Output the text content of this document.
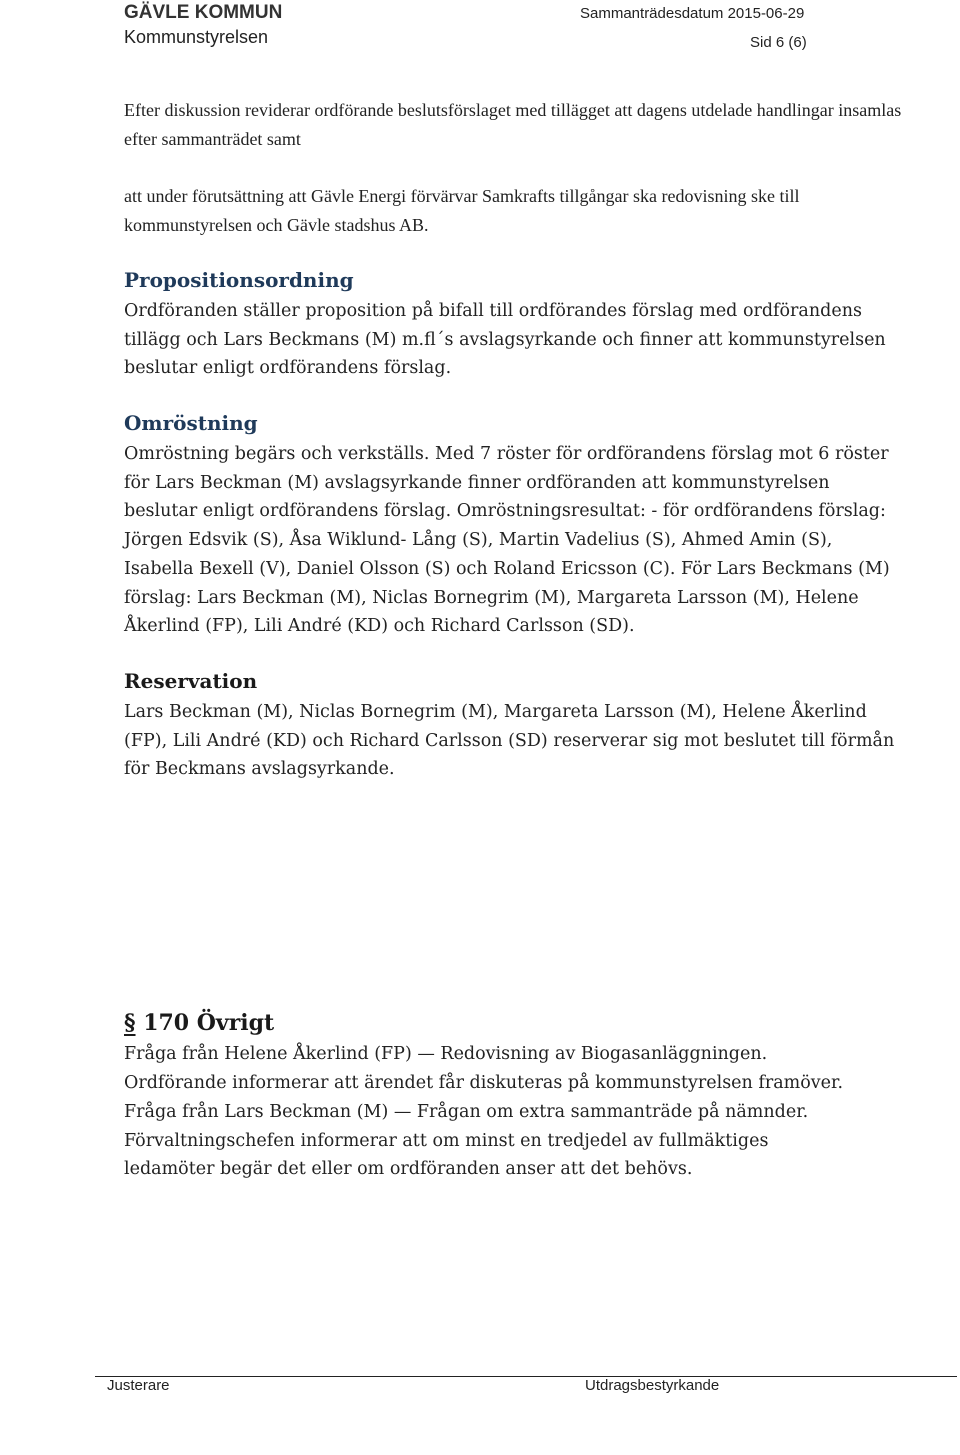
GÄVLE KOMMUN
Kommunstyrelsen
Sammanträdesdatum 2015-06-29
Sid 6 (6)
Efter diskussion reviderar ordförande beslutsförslaget med tillägget att dagens utdelade handlingar insamlas efter sammanträdet samt
att under förutsättning att Gävle Energi förvärvar Samkrafts tillgångar ska redovisning ske till kommunstyrelsen och Gävle stadshus AB.
Propositionsordning
Ordföranden ställer proposition på bifall till ordförandes förslag med ordförandens tillägg och Lars Beckmans (M) m.fl´s avslagsyrkande och finner att kommunstyrelsen beslutar enligt ordförandens förslag.
Omröstning
Omröstning begärs och verkställs. Med 7 röster för ordförandens förslag mot 6 röster för Lars Beckman (M) avslagsyrkande finner ordföranden att kommunstyrelsen beslutar enligt ordförandens förslag. Omröstningsresultat: - för ordförandens förslag: Jörgen Edsvik (S), Åsa Wiklund- Lång (S), Martin Vadelius (S), Ahmed Amin (S), Isabella Bexell (V), Daniel Olsson (S) och Roland Ericsson (C). För Lars Beckmans (M) förslag: Lars Beckman (M), Niclas Bornegrim (M), Margareta Larsson (M), Helene Åkerlind (FP), Lili André (KD) och Richard Carlsson (SD).
Reservation
Lars Beckman (M), Niclas Bornegrim (M), Margareta Larsson (M), Helene Åkerlind (FP), Lili André (KD) och Richard Carlsson (SD) reserverar sig mot beslutet till förmån för Beckmans avslagsyrkande.
§ 170 Övrigt
Fråga från Helene Åkerlind (FP) — Redovisning av Biogasanläggningen. Ordförande informerar att ärendet får diskuteras på kommunstyrelsen framöver.
Fråga från Lars Beckman (M) — Frågan om extra sammanträde på nämnder. Förvaltningschefen informerar att om minst en tredjedel av fullmäktiges ledamöter begär det eller om ordföranden anser att det behövs.
Justerare	Utdragsbestyrkande
